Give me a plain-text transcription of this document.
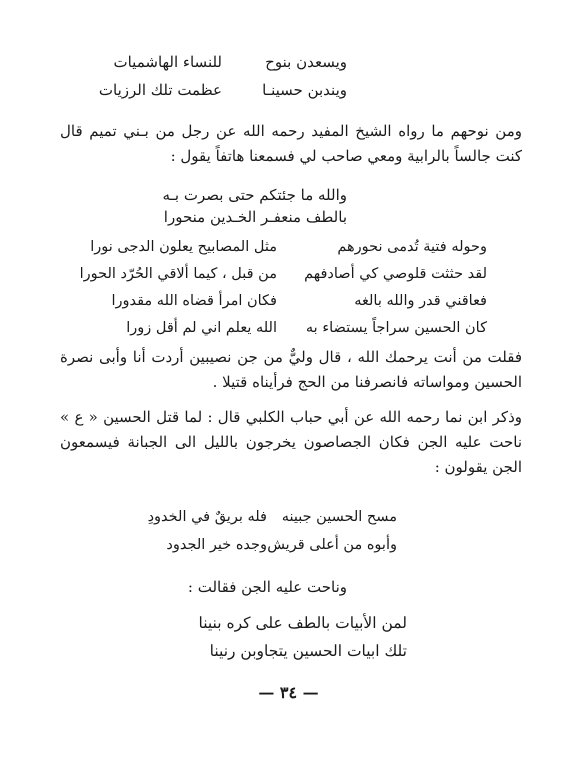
ويسعدن بنوح
للنساء الهاشميات
ويندبن حسينـا
عظمت تلك الرزيات
ومن نوحهم ما رواه الشيخ المفيد رحمه الله عن رجل من بـني تميم قال كنت جالساً بالرابية ومعي صاحب لي فسمعنا هاتفاً يقول :
والله ما جئتكم حتى بصرت بـه
بالطف منعفـر الخـدين منحورا
وحوله فتية تُدمى نحورهم
مثل المصابيح يعلون الدجى نورا
لقد حثثت قلوصي كي أصادفهم
من قبل ، كيما ألاقي الحُرّد الحورا
فعاقني قدر والله بالغه
فكان امرأ قضاه الله مقدورا
كان الحسين سراجاً يستضاء به
الله يعلم اني لم أقل زورا
فقلت من أنت يرحمك الله ، قال وليٌّ من جن نصيبين أردت أنا وأبى نصرة الحسين ومواساته فانصرفنا من الحج فرأيناه قتيلا .
وذكر ابن نما رحمه الله عن أبي حباب الكلبي قال : لما قتل الحسين « ع » ناحت عليه الجن فكان الجصاصون يخرجون بالليل الى الجبانة فيسمعون الجن يقولون :
مسح الحسين جبينه
فله بريقٌ في الخدودِ
وأبوه من أعلى قريش
وجده خير الجدود
وناحت عليه الجن فقالت :
لمن الأبيات بالطف على كره بنينا
تلك ابيات الحسين يتجاوبن رنينا
— ٣٤ —
